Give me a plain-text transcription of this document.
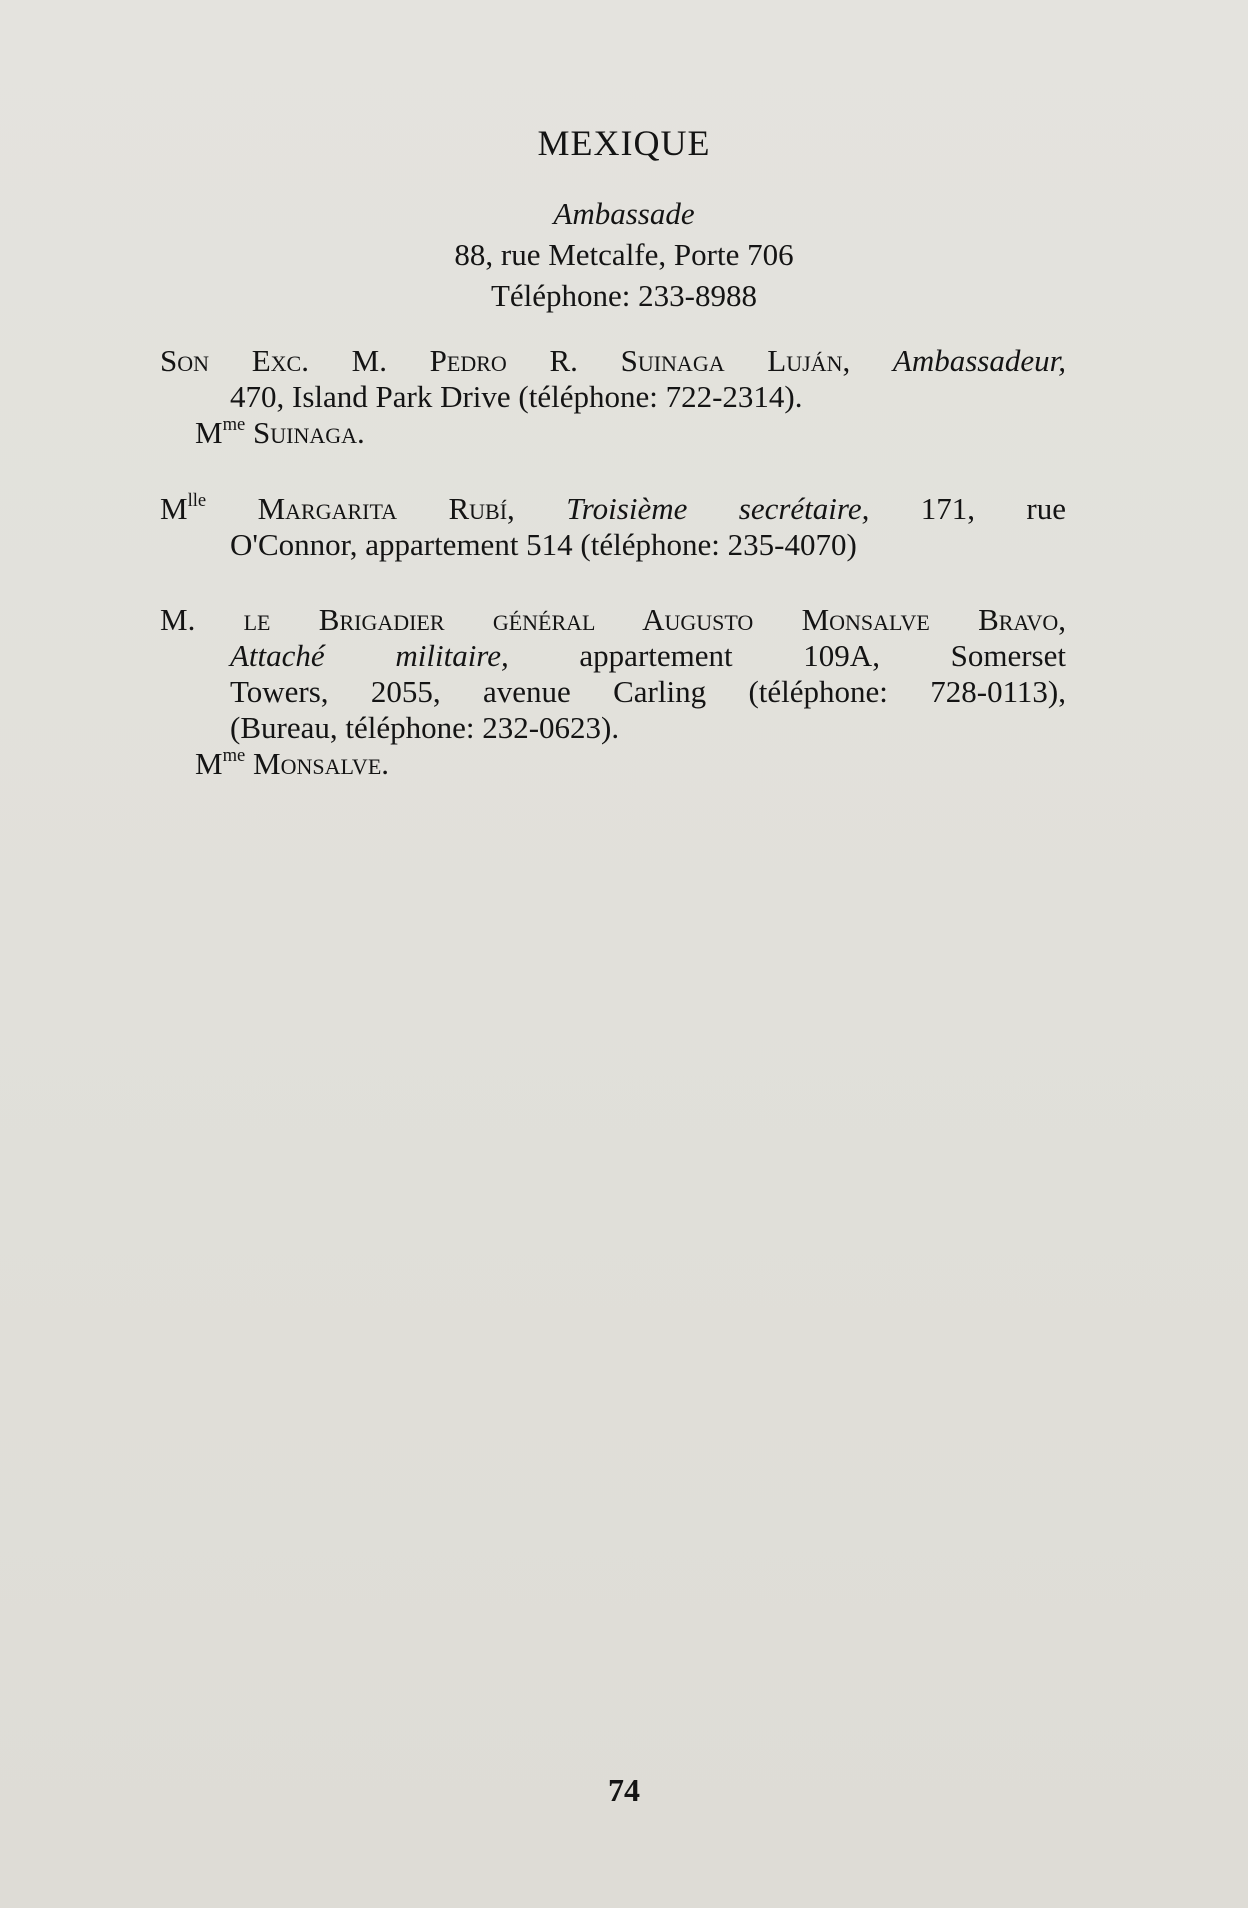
MEXIQUE
Ambassade
88, rue Metcalfe, Porte 706
Téléphone: 233-8988
Son Exc. M. Pedro R. Suinaga Luján, Ambassadeur,
470, Island Park Drive (téléphone: 722-2314).
$M^{me}$ Suinaga.
$M^{lle}$ Margarita Rubí, Troisième secrétaire, 171, rue
O'Connor, appartement 514 (téléphone: 235-4070)
M. le Brigadier général Augusto Monsalve Bravo,
Attaché militaire, appartement 109A, Somerset
Towers, 2055, avenue Carling (téléphone: 728-0113),
(Bureau, téléphone: 232-0623).
$M^{me}$ Monsalve.
74
